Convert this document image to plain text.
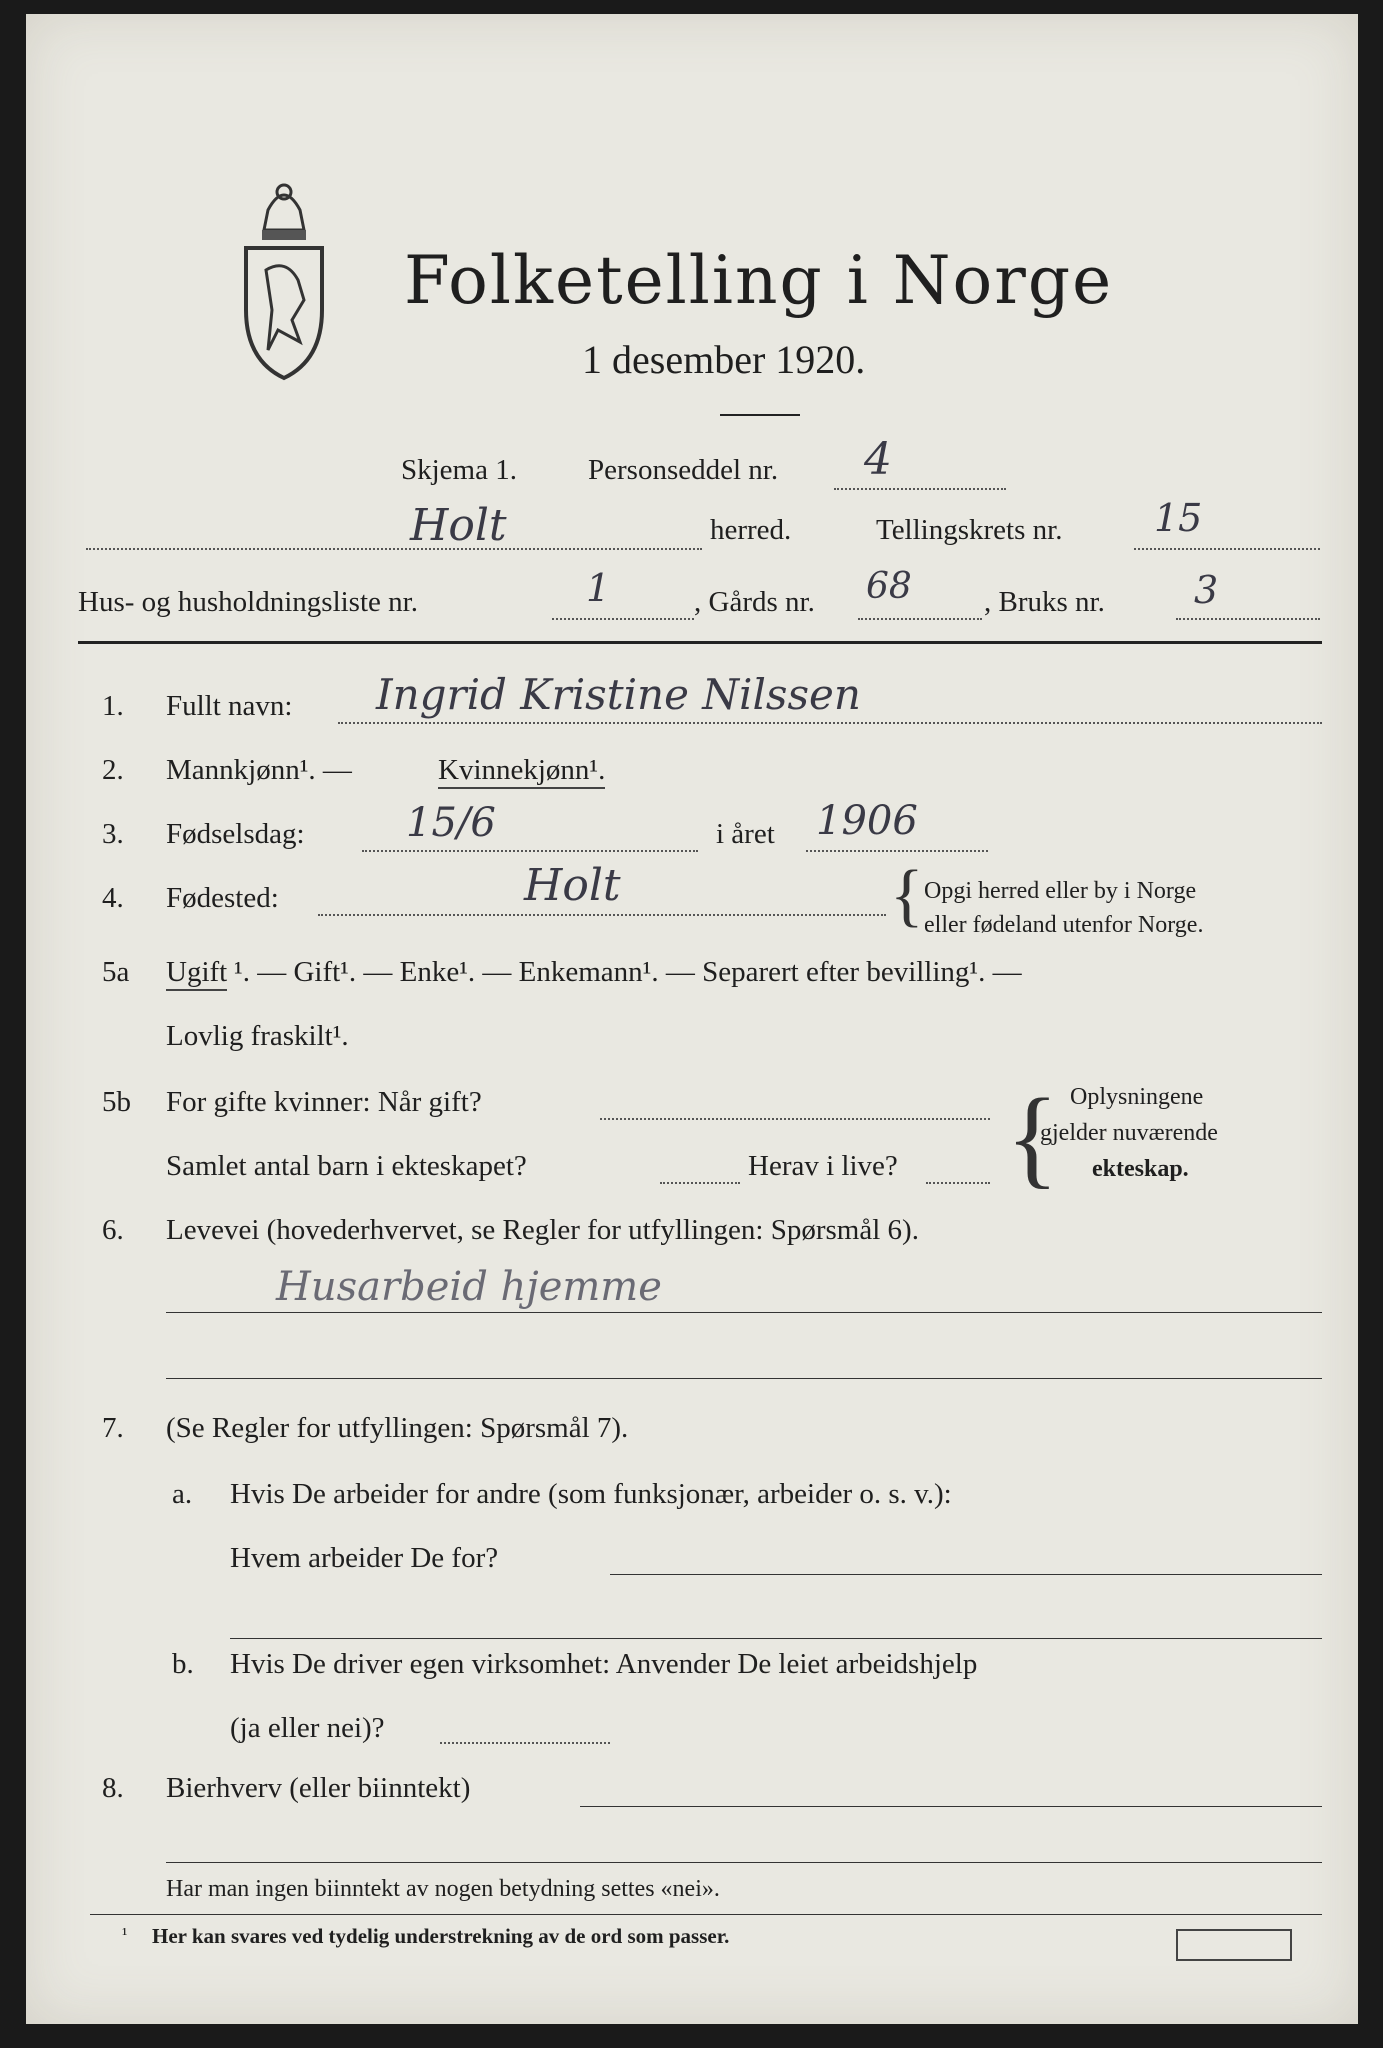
Folketelling i Norge
1 desember 1920.
Skjema 1. Personseddel nr. 4
Holt	herred.	Tellingskrets nr. 15
Hus- og husholdningsliste nr.	1	, Gårds nr. 68 , Bruks nr. 3
1. Fullt navn: Ingrid Kristine Nilssen
2. Mannkjønn¹. —	Kvinnekjønn¹.
3. Fødselsdag:	15/6	i året 1906
4. Fødested:	Holt	{ Opgi herred eller by i Norge
eller fødeland utenfor Norge.
5a Ugift ¹. — Gift¹. — Enke¹. — Enkemann¹. — Separert efter bevilling¹. —
Lovlig fraskilt¹.
5b For gifte kvinner: Når gift?
Samlet antal barn i ekteskapet?	Herav i live? { Oplysningene
gjelder nuværende
ekteskap.
6. Levevei (hovederhvervet, se Regler for utfyllingen: Spørsmål 6).
Husarbeid hjemme
7. (Se Regler for utfyllingen: Spørsmål 7).
a. Hvis De arbeider for andre (som funksjonær, arbeider o. s. v.):
Hvem arbeider De for?
b. Hvis De driver egen virksomhet: Anvender De leiet arbeidshjelp
(ja eller nei)?
8. Bierhverv (eller biinntekt)
Har man ingen biinntekt av nogen betydning settes «nei».
¹ Her kan svares ved tydelig understrekning av de ord som passer.
